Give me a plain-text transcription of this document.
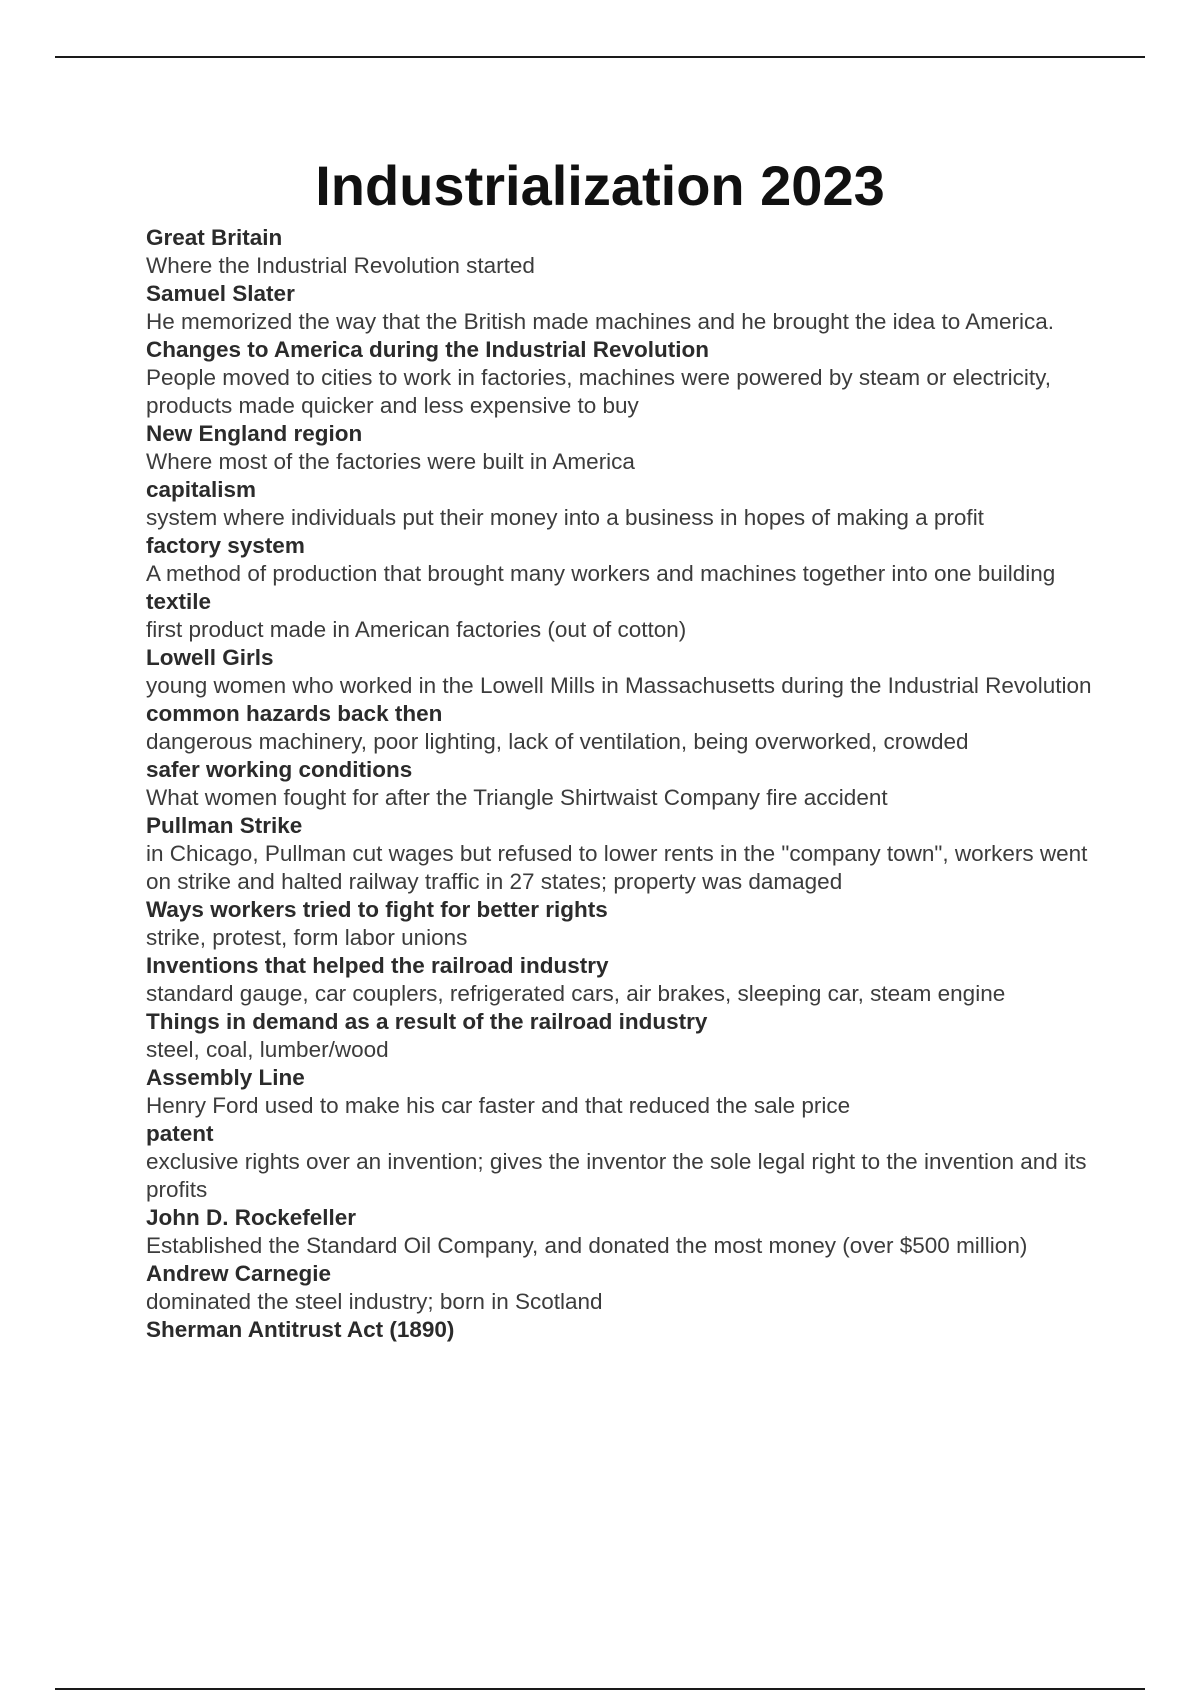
Industrialization 2023
Great Britain
Where the Industrial Revolution started
Samuel Slater
He memorized the way that the British made machines and he brought the idea to America.
Changes to America during the Industrial Revolution
People moved to cities to work in factories, machines were powered by steam or electricity, products made quicker and less expensive to buy
New England region
Where most of the factories were built in America
capitalism
system where individuals put their money into a business in hopes of making a profit
factory system
A method of production that brought many workers and machines together into one building
textile
first product made in American factories (out of cotton)
Lowell Girls
young women who worked in the Lowell Mills in Massachusetts during the Industrial Revolution
common hazards back then
dangerous machinery, poor lighting, lack of ventilation, being overworked, crowded
safer working conditions
What women fought for after the Triangle Shirtwaist Company fire accident
Pullman Strike
in Chicago, Pullman cut wages but refused to lower rents in the "company town", workers went on strike and halted railway traffic in 27 states; property was damaged
Ways workers tried to fight for better rights
strike, protest, form labor unions
Inventions that helped the railroad industry
standard gauge, car couplers, refrigerated cars, air brakes, sleeping car, steam engine
Things in demand as a result of the railroad industry
steel, coal, lumber/wood
Assembly Line
Henry Ford used to make his car faster and that reduced the sale price
patent
exclusive rights over an invention; gives the inventor the sole legal right to the invention and its profits
John D. Rockefeller
Established the Standard Oil Company, and donated the most money (over $500 million)
Andrew Carnegie
dominated the steel industry; born in Scotland
Sherman Antitrust Act (1890)
